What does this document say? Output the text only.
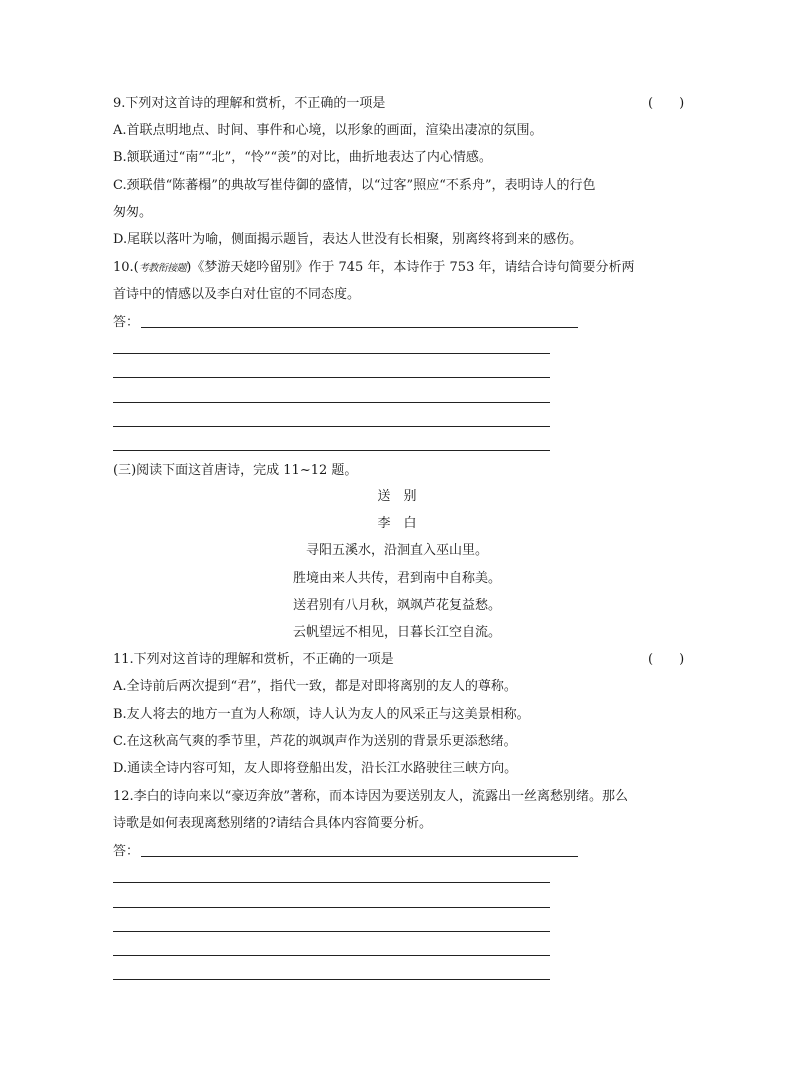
9.下列对这首诗的理解和赏析，不正确的一项是	(　　)
A.首联点明地点、时间、事件和心境，以形象的画面，渲染出凄凉的氛围。
B.颔联通过“南”“北”，“怜”“羡”的对比，曲折地表达了内心情感。
C.颈联借“陈蕃榻”的典故写崔侍御的盛情，以“过客”照应“不系舟”，表明诗人的行色
匆匆。
D.尾联以落叶为喻，侧面揭示题旨，表达人世没有长相聚，别离终将到来的感伤。
10.(考教衔接题)《梦游天姥吟留别》作于 745 年，本诗作于 753 年，请结合诗句简要分析两
首诗中的情感以及李白对仕宦的不同态度。
答：
(三)阅读下面这首唐诗，完成 11~12 题。
送　别
李　白
寻阳五溪水，沿洄直入巫山里。
胜境由来人共传，君到南中自称美。
送君别有八月秋，飒飒芦花复益愁。
云帆望远不相见，日暮长江空自流。
11.下列对这首诗的理解和赏析，不正确的一项是	(　　)
A.全诗前后两次提到“君”，指代一致，都是对即将离别的友人的尊称。
B.友人将去的地方一直为人称颂，诗人认为友人的风采正与这美景相称。
C.在这秋高气爽的季节里，芦花的飒飒声作为送别的背景乐更添愁绪。
D.通读全诗内容可知，友人即将登船出发，沿长江水路驶往三峡方向。
12.李白的诗向来以“豪迈奔放”著称，而本诗因为要送别友人，流露出一丝离愁别绪。那么
诗歌是如何表现离愁别绪的?请结合具体内容简要分析。
答：
